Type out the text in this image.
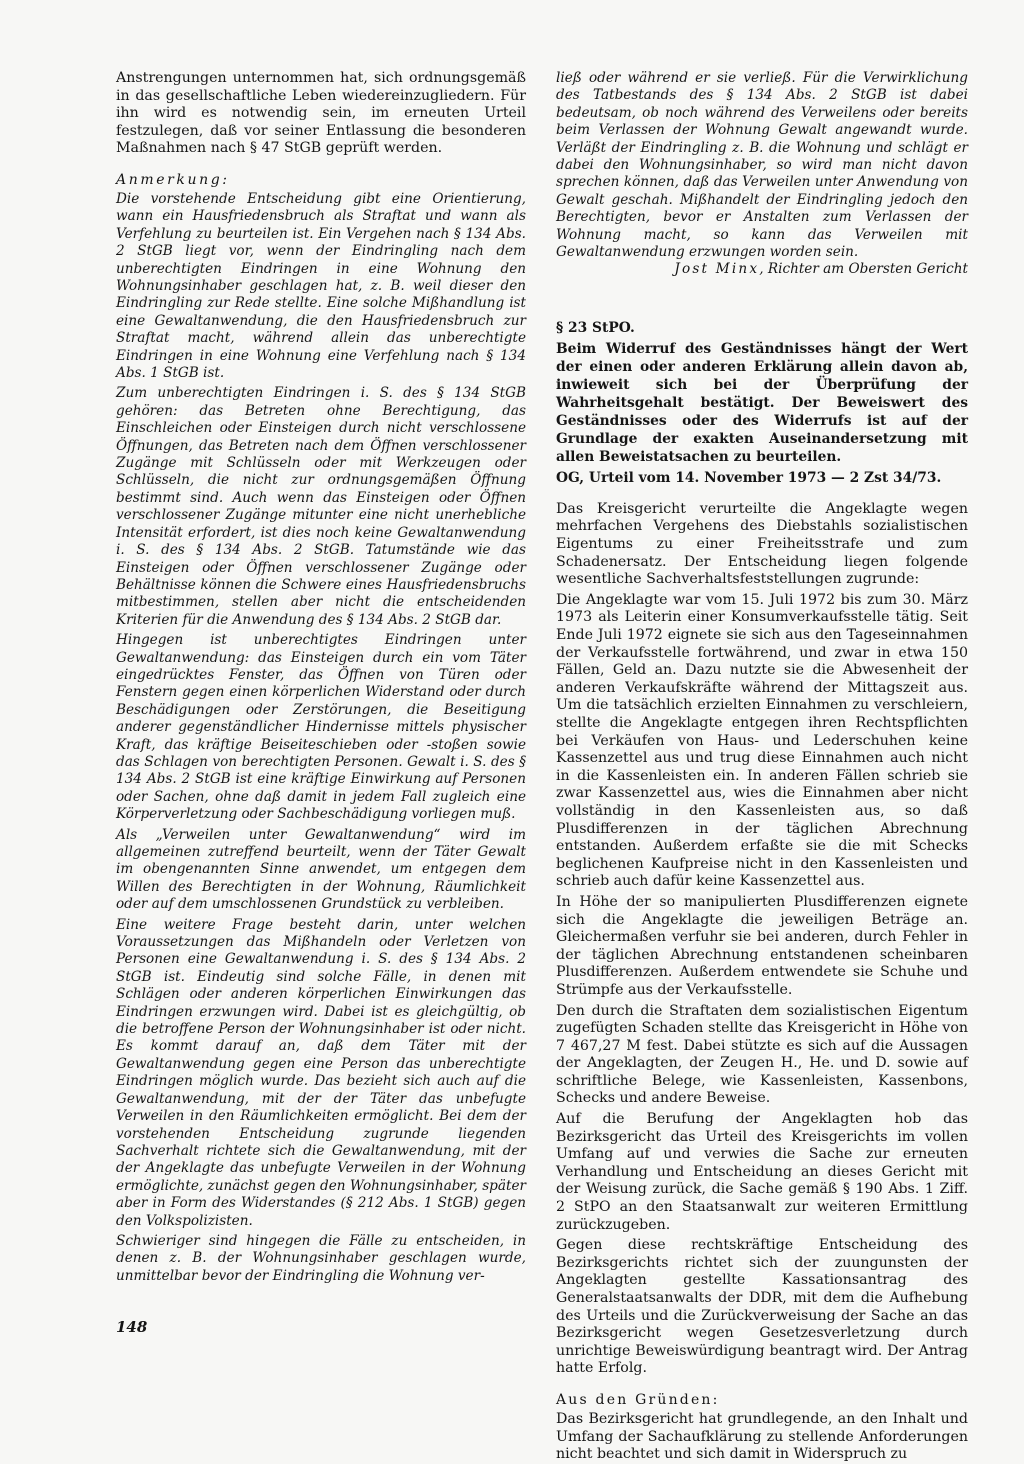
Anstrengungen unternommen hat, sich ordnungsgemäß in das gesellschaftliche Leben wiedereinzugliedern. Für ihn wird es notwendig sein, im erneuten Urteil festzulegen, daß vor seiner Entlassung die besonderen Maßnahmen nach § 47 StGB geprüft werden.

Anmerkung:

Die vorstehende Entscheidung gibt eine Orientierung, wann ein Hausfriedensbruch als Straftat und wann als Verfehlung zu beurteilen ist. Ein Vergehen nach § 134 Abs. 2 StGB liegt vor, wenn der Eindringling nach dem unberechtigten Eindringen in eine Wohnung den Wohnungsinhaber geschlagen hat, z. B. weil dieser den Eindringling zur Rede stellte. Eine solche Mißhandlung ist eine Gewaltanwendung, die den Hausfriedensbruch zur Straftat macht, während allein das unberechtigte Eindringen in eine Wohnung eine Verfehlung nach § 134 Abs. 1 StGB ist.

Zum unberechtigten Eindringen i. S. des § 134 StGB gehören: das Betreten ohne Berechtigung, das Einschleichen oder Einsteigen durch nicht verschlossene Öffnungen, das Betreten nach dem Öffnen verschlossener Zugänge mit Schlüsseln oder mit Werkzeugen oder Schlüsseln, die nicht zur ordnungsgemäßen Öffnung bestimmt sind. Auch wenn das Einsteigen oder Öffnen verschlossener Zugänge mitunter eine nicht unerhebliche Intensität erfordert, ist dies noch keine Gewaltanwendung i. S. des § 134 Abs. 2 StGB. Tatumstände wie das Einsteigen oder Öffnen verschlossener Zugänge oder Behältnisse können die Schwere eines Hausfriedensbruchs mitbestimmen, stellen aber nicht die entscheidenden Kriterien für die Anwendung des § 134 Abs. 2 StGB dar.

Hingegen ist unberechtigtes Eindringen unter Gewaltanwendung: das Einsteigen durch ein vom Täter eingedrücktes Fenster, das Öffnen von Türen oder Fenstern gegen einen körperlichen Widerstand oder durch Beschädigungen oder Zerstörungen, die Beseitigung anderer gegenständlicher Hindernisse mittels physischer Kraft, das kräftige Beiseiteschieben oder -stoßen sowie das Schlagen von berechtigten Personen. Gewalt i. S. des § 134 Abs. 2 StGB ist eine kräftige Einwirkung auf Personen oder Sachen, ohne daß damit in jedem Fall zugleich eine Körperverletzung oder Sachbeschädigung vorliegen muß.

Als „Verweilen unter Gewaltanwendung“ wird im allgemeinen zutreffend beurteilt, wenn der Täter Gewalt im obengenannten Sinne anwendet, um entgegen dem Willen des Berechtigten in der Wohnung, Räumlichkeit oder auf dem umschlossenen Grundstück zu verbleiben.

Eine weitere Frage besteht darin, unter welchen Voraussetzungen das Mißhandeln oder Verletzen von Personen eine Gewaltanwendung i. S. des § 134 Abs. 2 StGB ist. Eindeutig sind solche Fälle, in denen mit Schlägen oder anderen körperlichen Einwirkungen das Eindringen erzwungen wird. Dabei ist es gleichgültig, ob die betroffene Person der Wohnungsinhaber ist oder nicht. Es kommt darauf an, daß dem Täter mit der Gewaltanwendung gegen eine Person das unberechtigte Eindringen möglich wurde. Das bezieht sich auch auf die Gewaltanwendung, mit der der Täter das unbefugte Verweilen in den Räumlichkeiten ermöglicht. Bei dem der vorstehenden Entscheidung zugrunde liegenden Sachverhalt richtete sich die Gewaltanwendung, mit der der Angeklagte das unbefugte Verweilen in der Wohnung ermöglichte, zunächst gegen den Wohnungsinhaber, später aber in Form des Widerstandes (§ 212 Abs. 1 StGB) gegen den Volkspolizisten.

Schwieriger sind hingegen die Fälle zu entscheiden, in denen z. B. der Wohnungsinhaber geschlagen wurde, unmittelbar bevor der Eindringling die Wohnung ver-

ließ oder während er sie verließ. Für die Verwirklichung des Tatbestands des § 134 Abs. 2 StGB ist dabei bedeutsam, ob noch während des Verweilens oder bereits beim Verlassen der Wohnung Gewalt angewandt wurde. Verläßt der Eindringling z. B. die Wohnung und schlägt er dabei den Wohnungsinhaber, so wird man nicht davon sprechen können, daß das Verweilen unter Anwendung von Gewalt geschah. Mißhandelt der Eindringling jedoch den Berechtigten, bevor er Anstalten zum Verlassen der Wohnung macht, so kann das Verweilen mit Gewaltanwendung erzwungen worden sein.

Jost Minx, Richter am Obersten Gericht

§ 23 StPO.

Beim Widerruf des Geständnisses hängt der Wert der einen oder anderen Erklärung allein davon ab, inwieweit sich bei der Überprüfung der Wahrheitsgehalt bestätigt. Der Beweiswert des Geständnisses oder des Widerrufs ist auf der Grundlage der exakten Auseinandersetzung mit allen Beweistatsachen zu beurteilen.

OG, Urteil vom 14. November 1973 — 2 Zst 34/73.

Das Kreisgericht verurteilte die Angeklagte wegen mehrfachen Vergehens des Diebstahls sozialistischen Eigentums zu einer Freiheitsstrafe und zum Schadenersatz. Der Entscheidung liegen folgende wesentliche Sachverhaltsfeststellungen zugrunde:

Die Angeklagte war vom 15. Juli 1972 bis zum 30. März 1973 als Leiterin einer Konsumverkaufsstelle tätig. Seit Ende Juli 1972 eignete sie sich aus den Tageseinnahmen der Verkaufsstelle fortwährend, und zwar in etwa 150 Fällen, Geld an. Dazu nutzte sie die Abwesenheit der anderen Verkaufskräfte während der Mittagszeit aus. Um die tatsächlich erzielten Einnahmen zu verschleiern, stellte die Angeklagte entgegen ihren Rechtspflichten bei Verkäufen von Haus- und Lederschuhen keine Kassenzettel aus und trug diese Einnahmen auch nicht in die Kassenleisten ein. In anderen Fällen schrieb sie zwar Kassenzettel aus, wies die Einnahmen aber nicht vollständig in den Kassenleisten aus, so daß Plusdifferenzen in der täglichen Abrechnung entstanden. Außerdem erfaßte sie die mit Schecks beglichenen Kaufpreise nicht in den Kassenleisten und schrieb auch dafür keine Kassenzettel aus.

In Höhe der so manipulierten Plusdifferenzen eignete sich die Angeklagte die jeweiligen Beträge an. Gleichermaßen verfuhr sie bei anderen, durch Fehler in der täglichen Abrechnung entstandenen scheinbaren Plusdifferenzen. Außerdem entwendete sie Schuhe und Strümpfe aus der Verkaufsstelle.

Den durch die Straftaten dem sozialistischen Eigentum zugefügten Schaden stellte das Kreisgericht in Höhe von 7 467,27 M fest. Dabei stützte es sich auf die Aussagen der Angeklagten, der Zeugen H., He. und D. sowie auf schriftliche Belege, wie Kassenleisten, Kassenbons, Schecks und andere Beweise.

Auf die Berufung der Angeklagten hob das Bezirksgericht das Urteil des Kreisgerichts im vollen Umfang auf und verwies die Sache zur erneuten Verhandlung und Entscheidung an dieses Gericht mit der Weisung zurück, die Sache gemäß § 190 Abs. 1 Ziff. 2 StPO an den Staatsanwalt zur weiteren Ermittlung zurückzugeben.

Gegen diese rechtskräftige Entscheidung des Bezirksgerichts richtet sich der zuungunsten der Angeklagten gestellte Kassationsantrag des Generalstaatsanwalts der DDR, mit dem die Aufhebung des Urteils und die Zurückverweisung der Sache an das Bezirksgericht wegen Gesetzesverletzung durch unrichtige Beweiswürdigung beantragt wird. Der Antrag hatte Erfolg.

Aus den Gründen:

Das Bezirksgericht hat grundlegende, an den Inhalt und Umfang der Sachaufklärung zu stellende Anforderungen nicht beachtet und sich damit in Widerspruch zu

148
